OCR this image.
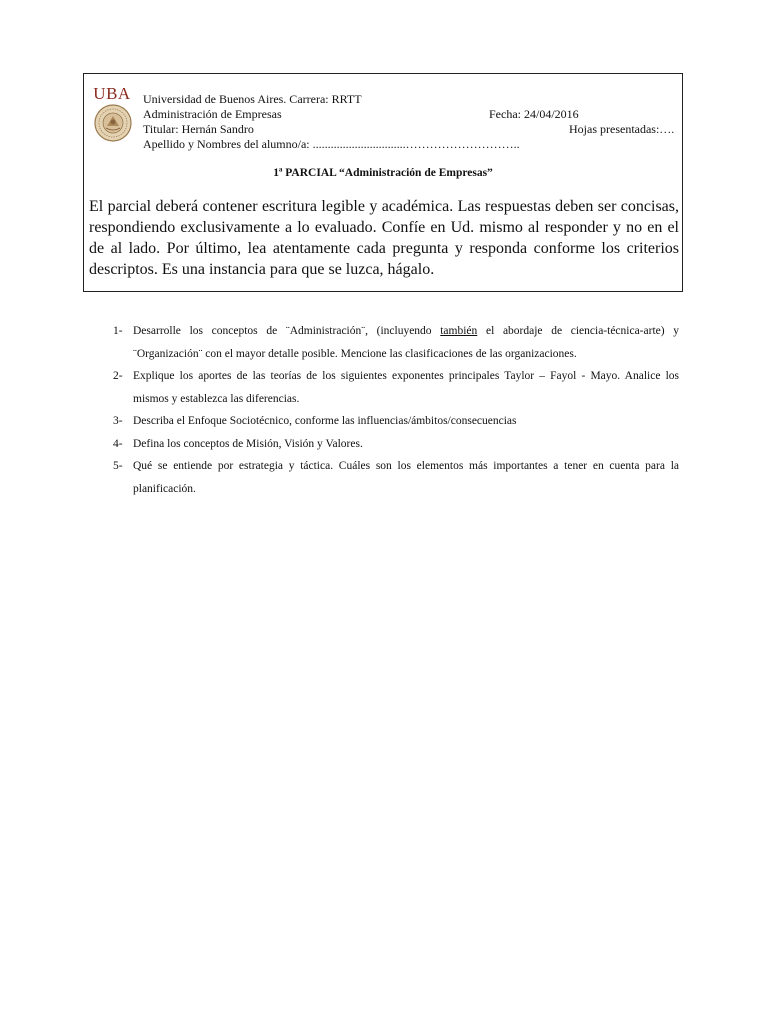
UBA Universidad de Buenos Aires. Carrera: RRTT
Administración de Empresas	Fecha: 24/04/2016
Titular: Hernán Sandro	Hojas presentadas:….
Apellido y Nombres del alumno/a: ...............................………………………..
1ª PARCIAL “Administración de Empresas”
El parcial deberá contener escritura legible y académica. Las respuestas deben ser concisas, respondiendo exclusivamente a lo evaluado. Confíe en Ud. mismo al responder y no en el de al lado. Por último, lea atentamente cada pregunta y responda conforme los criterios descriptos. Es una instancia para que se luzca, hágalo.
1- Desarrolle los conceptos de ¨Administración¨, (incluyendo también el abordaje de ciencia-técnica-arte) y ¨Organización¨ con el mayor detalle posible. Mencione las clasificaciones de las organizaciones.
2- Explique los aportes de las teorías de los siguientes exponentes principales Taylor – Fayol - Mayo. Analice los mismos y establezca las diferencias.
3- Describa el Enfoque Sociotécnico, conforme las influencias/ámbitos/consecuencias
4- Defina los conceptos de Misión, Visión y Valores.
5- Qué se entiende por estrategia y táctica. Cuáles son los elementos más importantes a tener en cuenta para la planificación.
